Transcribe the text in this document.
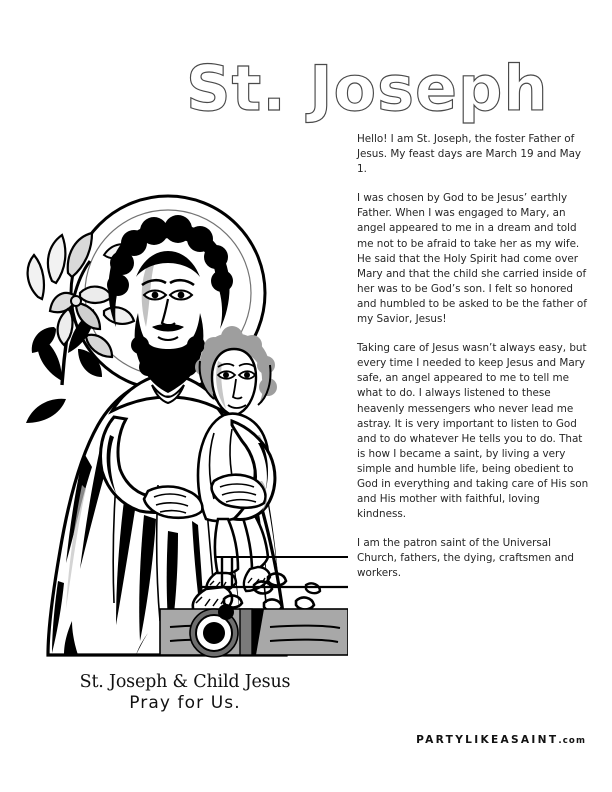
St. Joseph
St. Joseph & Child Jesus
Pray for Us.

Hello! I am St. Joseph, the foster Father of Jesus. My feast days are March 19 and May 1.

I was chosen by God to be Jesus’ earthly Father. When I was engaged to Mary, an angel appeared to me in a dream and told me not to be afraid to take her as my wife. He said that the Holy Spirit had come over Mary and that the child she carried inside of her was to be God’s son. I felt so honored and humbled to be asked to be the father of my Savior, Jesus!

Taking care of Jesus wasn’t always easy, but every time I needed to keep Jesus and Mary safe, an angel appeared to me to tell me what to do. I always listened to these heavenly messengers who never lead me astray. It is very important to listen to God and to do whatever He tells you to do. That is how I became a saint, by living a very simple and humble life, being obedient to God in everything and taking care of His son and His mother with faithful, loving kindness.

I am the patron saint of the Universal Church, fathers, the dying, craftsmen and workers.

PARTYLIKEASAINT.com
